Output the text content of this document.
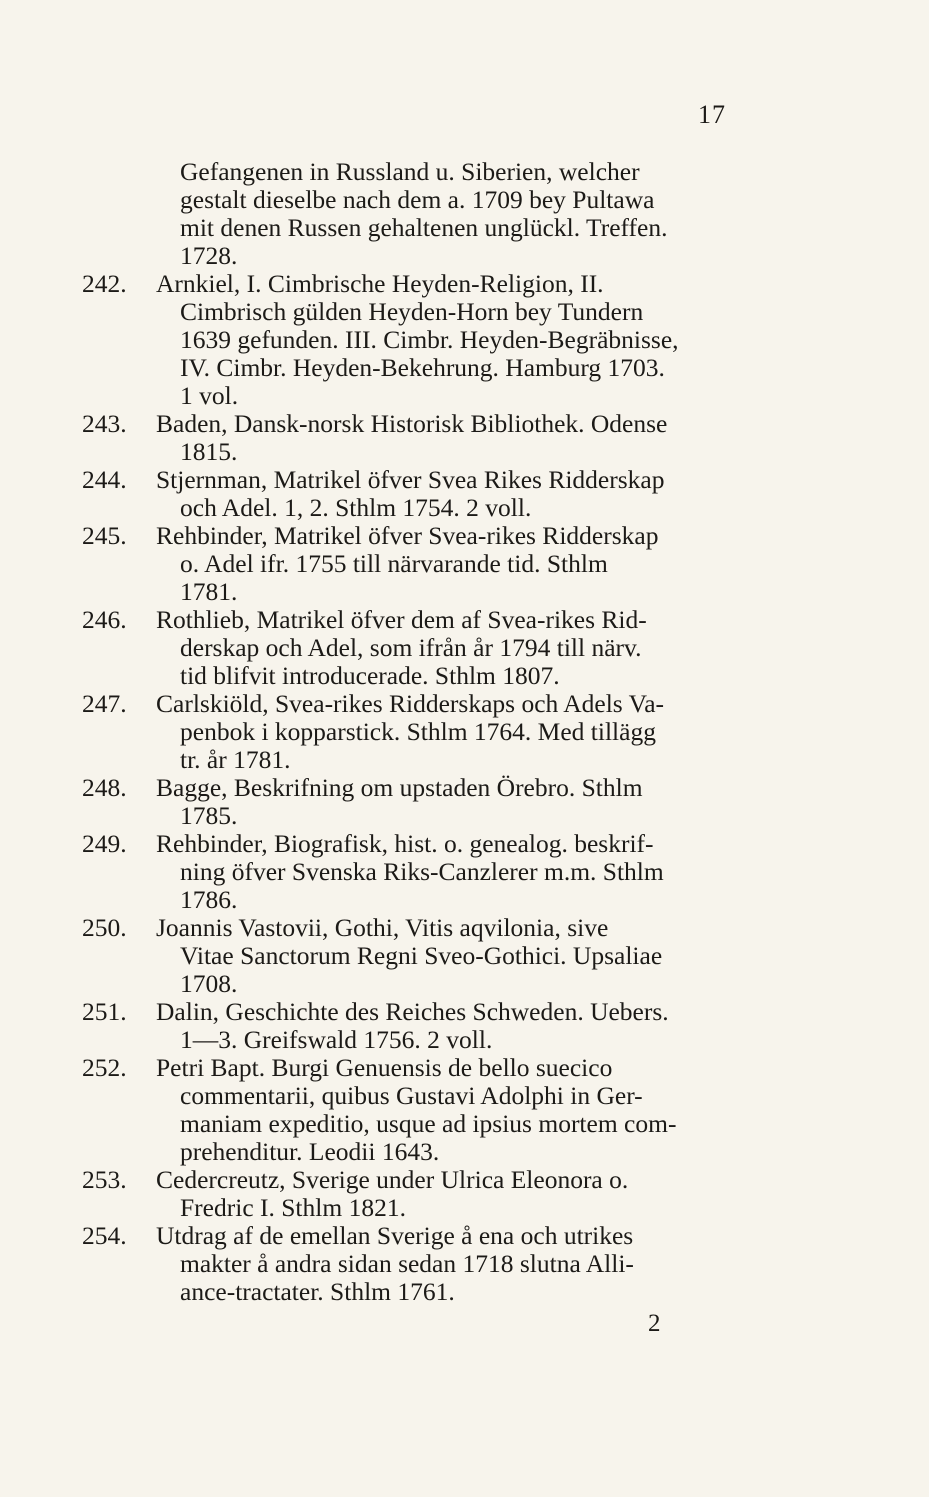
17
Gefangenen in Russland u. Siberien, welcher
gestalt dieselbe nach dem a. 1709 bey Pultawa
mit denen Russen gehaltenen unglückl. Treffen.
1728.
242. Arnkiel, I. Cimbrische Heyden-Religion, II.
Cimbrisch gülden Heyden-Horn bey Tundern
1639 gefunden. III. Cimbr. Heyden-Begräbnisse,
IV. Cimbr. Heyden-Bekehrung. Hamburg 1703.
1 vol.
243. Baden, Dansk-norsk Historisk Bibliothek. Odense
1815.
244. Stjernman, Matrikel öfver Svea Rikes Ridderskap
och Adel. 1, 2. Sthlm 1754. 2 voll.
245. Rehbinder, Matrikel öfver Svea-rikes Ridderskap
o. Adel ifr. 1755 till närvarande tid. Sthlm
1781.
246. Rothlieb, Matrikel öfver dem af Svea-rikes Rid-
derskap och Adel, som ifrån år 1794 till närv.
tid blifvit introducerade. Sthlm 1807.
247. Carlskiöld, Svea-rikes Ridderskaps och Adels Va-
penbok i kopparstick. Sthlm 1764. Med tillägg
tr. år 1781.
248. Bagge, Beskrifning om upstaden Örebro. Sthlm
1785.
249. Rehbinder, Biografisk, hist. o. genealog. beskrif-
ning öfver Svenska Riks-Canzlerer m.m. Sthlm
1786.
250. Joannis Vastovii, Gothi, Vitis aqvilonia, sive
Vitae Sanctorum Regni Sveo-Gothici. Upsaliae
1708.
251. Dalin, Geschichte des Reiches Schweden. Uebers.
1—3. Greifswald 1756. 2 voll.
252. Petri Bapt. Burgi Genuensis de bello suecico
commentarii, quibus Gustavi Adolphi in Ger-
maniam expeditio, usque ad ipsius mortem com-
prehenditur. Leodii 1643.
253. Cedercreutz, Sverige under Ulrica Eleonora o.
Fredric I. Sthlm 1821.
254. Utdrag af de emellan Sverige å ena och utrikes
makter å andra sidan sedan 1718 slutna Alli-
ance-tractater. Sthlm 1761.
2
